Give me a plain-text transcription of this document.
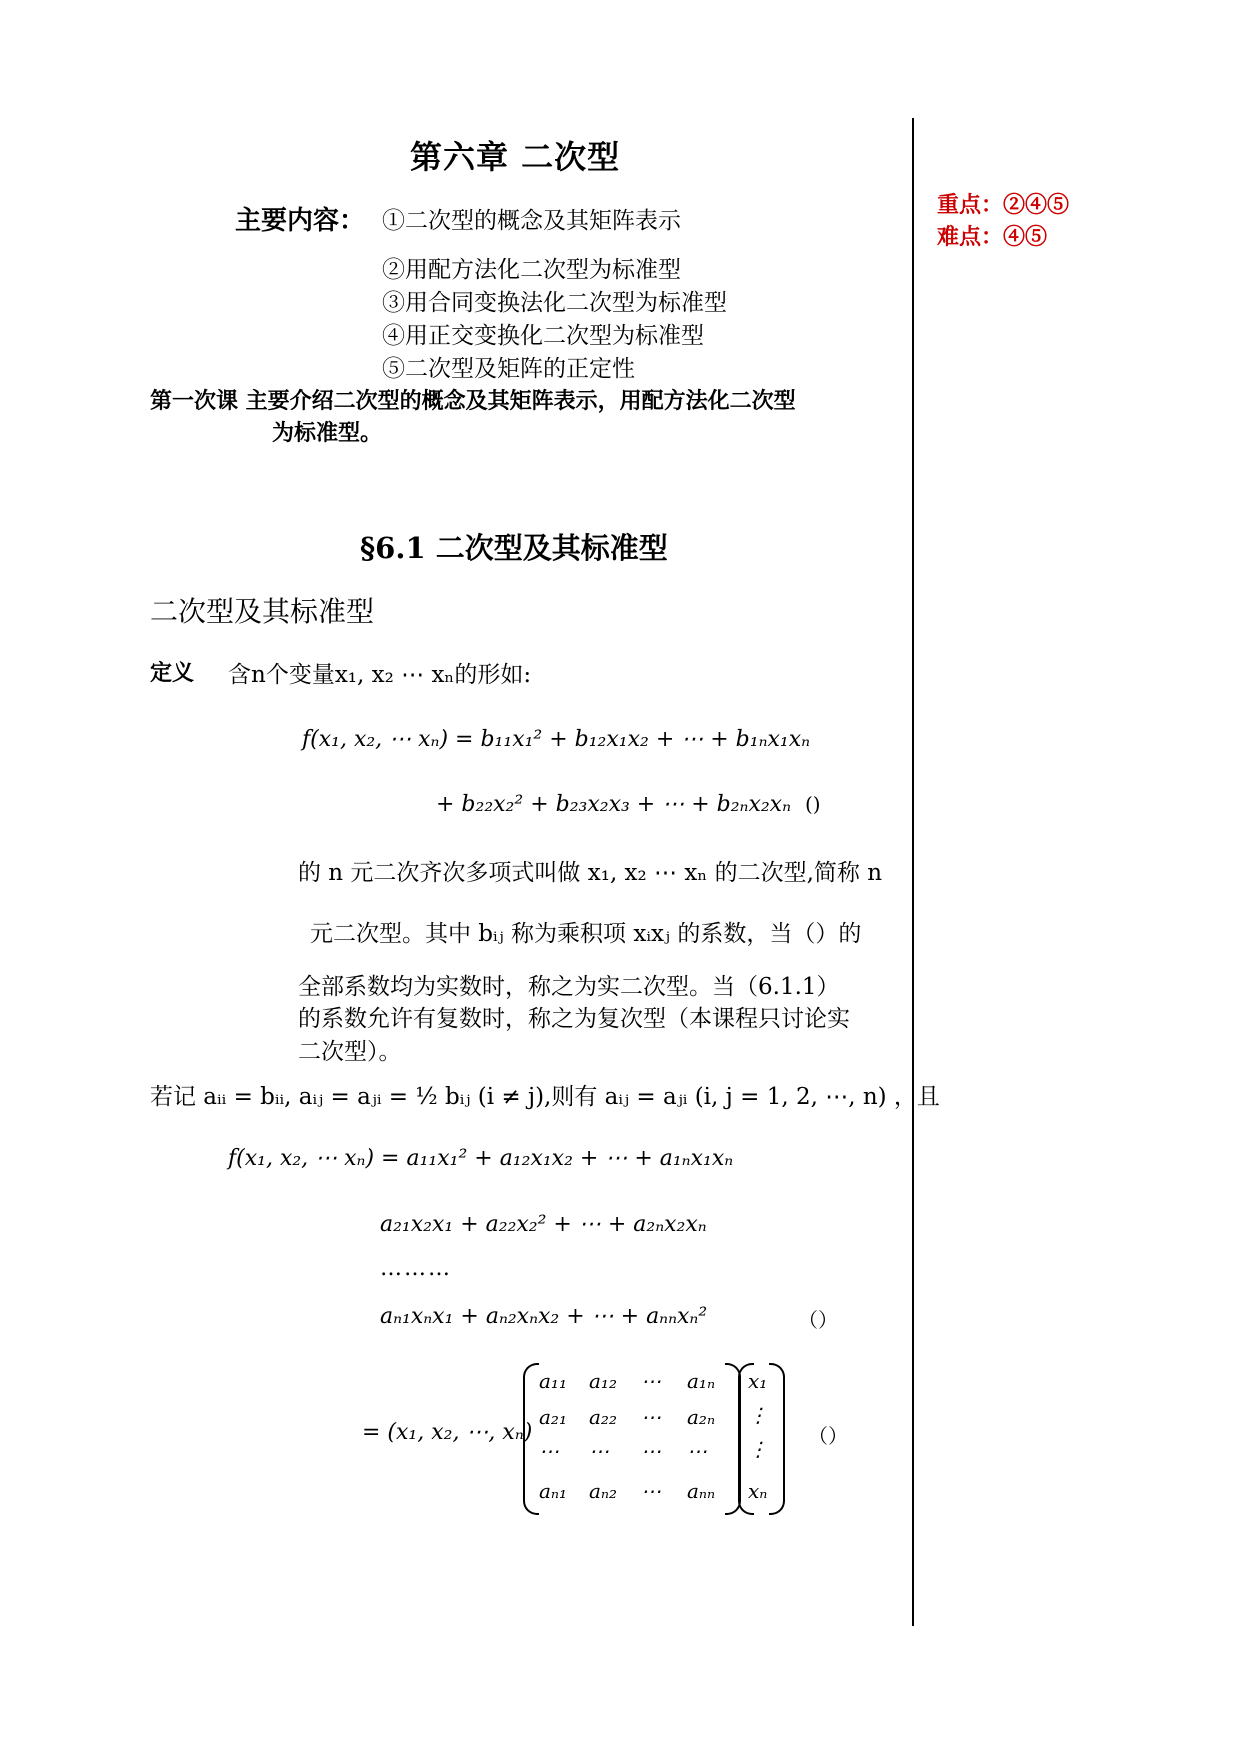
第六章 二次型
主要内容： ①二次型的概念及其矩阵表示
②用配方法化二次型为标准型
③用合同变换法化二次型为标准型
④用正交变换化二次型为标准型
⑤二次型及矩阵的正定性
重点：②④⑤
难点：④⑤
第一次课 主要介绍二次型的概念及其矩阵表示，用配方法化二次型
为标准型。
§6.1 二次型及其标准型
二次型及其标准型
定义 含n个变量x₁, x₂ ⋯ xₙ的形如:
f(x₁, x₂, ⋯ xₙ) = b₁₁x₁² + b₁₂x₁x₂ + ⋯ + b₁ₙx₁xₙ
+ b₂₂x₂² + b₂₃x₂x₃ + ⋯ + b₂ₙx₂xₙ ()
的 n 元二次齐次多项式叫做 x₁, x₂ ⋯ xₙ 的二次型,简称 n
元二次型。其中 bᵢⱼ 称为乘积项 xᵢxⱼ 的系数，当（）的
全部系数均为实数时，称之为实二次型。当（6.1.1）
的系数允许有复数时，称之为复次型（本课程只讨论实
二次型）。
若记 aᵢᵢ = bᵢᵢ, aᵢⱼ = aⱼᵢ = ½ bᵢⱼ (i ≠ j),则有 aᵢⱼ = aⱼᵢ (i, j = 1, 2, ⋯, n) ，且
f(x₁, x₂, ⋯ xₙ) = a₁₁x₁² + a₁₂x₁x₂ + ⋯ + a₁ₙx₁xₙ
a₂₁x₂x₁ + a₂₂x₂² + ⋯ + a₂ₙx₂xₙ
………
aₙ₁xₙx₁ + aₙ₂xₙx₂ + ⋯ + aₙₙxₙ²	（）
= (x₁, x₂, ⋯, xₙ)
a₁₁ a₁₂ ⋯ a₁ₙ
a₂₁ a₂₂ ⋯ a₂ₙ
⋯ ⋯ ⋯ ⋯
aₙ₁ aₙ₂ ⋯ aₙₙ
x₁
⋮
⋮
xₙ
（）
